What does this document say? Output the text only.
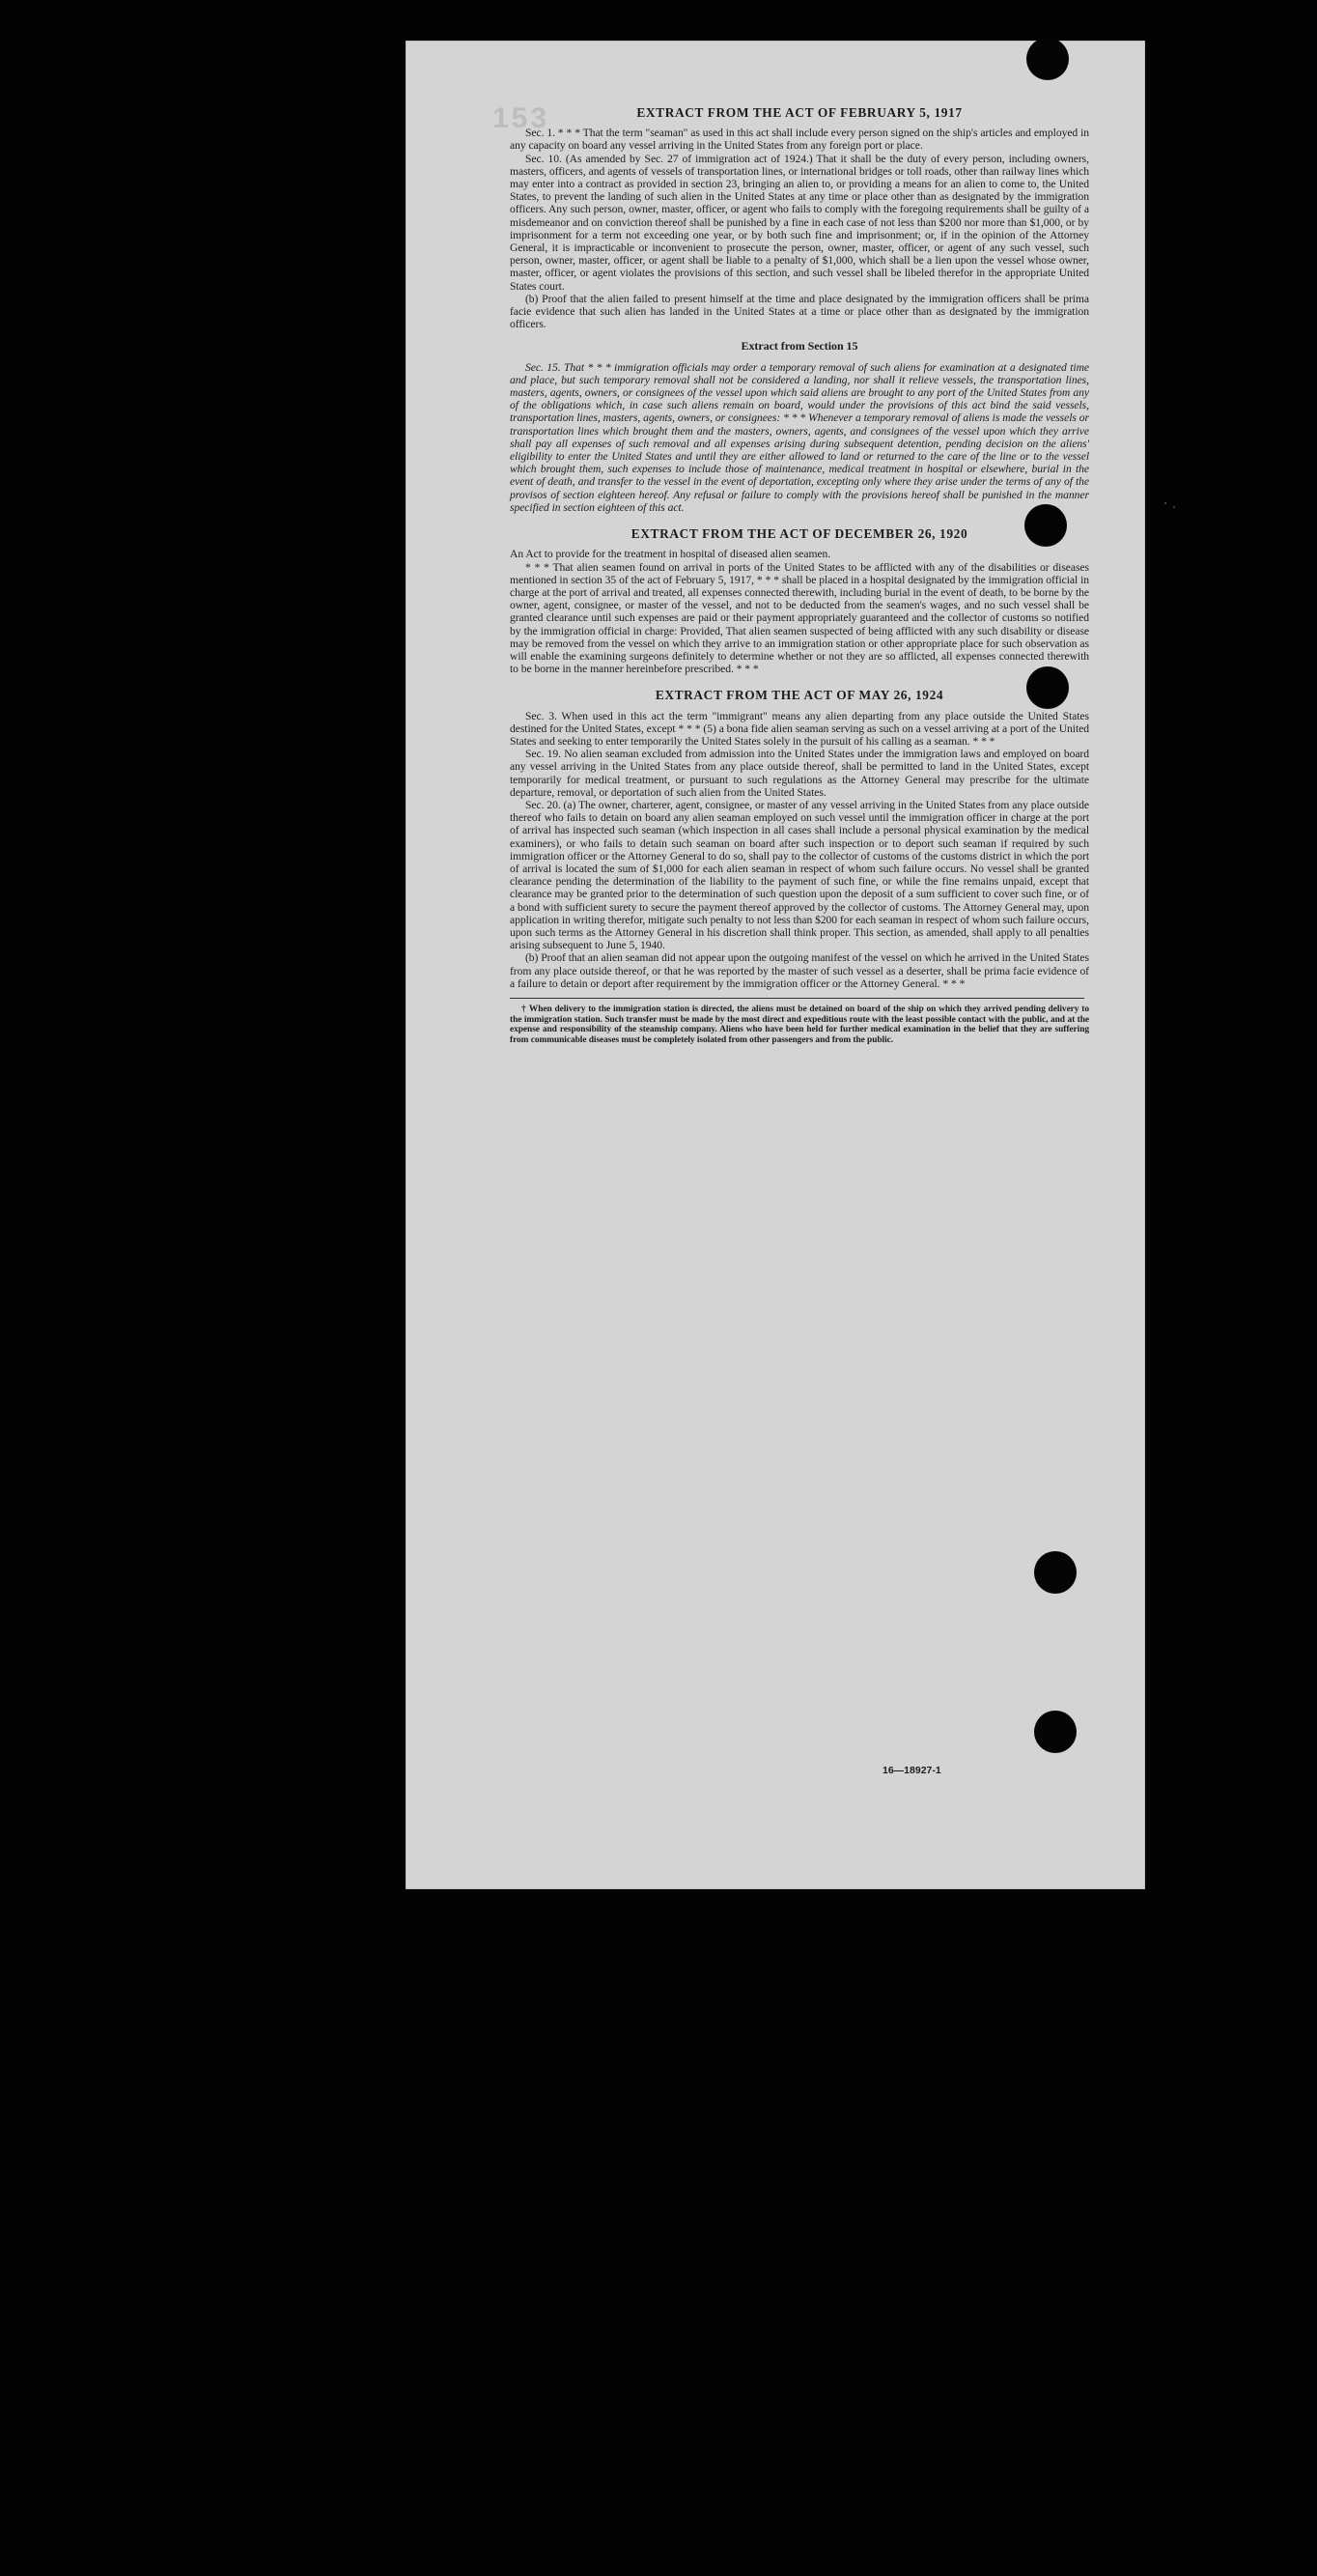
153	EXTRACT FROM THE ACT OF FEBRUARY 5, 1917

Sec. 1. * * * That the term "seaman" as used in this act shall include every person signed on the ship's articles and employed in any capacity on board any vessel arriving in the United States from any foreign port or place.

Sec. 10. (As amended by Sec. 27 of immigration act of 1924.) That it shall be the duty of every person, including owners, masters, officers, and agents of vessels of transportation lines, or international bridges or toll roads, other than railway lines which may enter into a contract as provided in section 23, bringing an alien to, or providing a means for an alien to come to, the United States, to prevent the landing of such alien in the United States at any time or place other than as designated by the immigration officers. Any such person, owner, master, officer, or agent who fails to comply with the foregoing requirements shall be guilty of a misdemeanor and on conviction thereof shall be punished by a fine in each case of not less than $200 nor more than $1,000, or by imprisonment for a term not exceeding one year, or by both such fine and imprisonment; or, if in the opinion of the Attorney General, it is impracticable or inconvenient to prosecute the person, owner, master, officer, or agent of any such vessel, such person, owner, master, officer, or agent shall be liable to a penalty of $1,000, which shall be a lien upon the vessel whose owner, master, officer, or agent violates the provisions of this section, and such vessel shall be libeled therefor in the appropriate United States court.

(b) Proof that the alien failed to present himself at the time and place designated by the immigration officers shall be prima facie evidence that such alien has landed in the United States at a time or place other than as designated by the immigration officers.

Extract from Section 15

Sec. 15. That * * * immigration officials may order a temporary removal of such aliens for examination at a designated time and place, but such temporary removal shall not be considered a landing, nor shall it relieve vessels, the transportation lines, masters, agents, owners, or consignees of the vessel upon which said aliens are brought to any port of the United States from any of the obligations which, in case such aliens remain on board, would under the provisions of this act bind the said vessels, transportation lines, masters, agents, owners, or consignees: * * * Whenever a temporary removal of aliens is made the vessels or transportation lines which brought them and the masters, owners, agents, and consignees of the vessel upon which they arrive shall pay all expenses of such removal and all expenses arising during subsequent detention, pending decision on the aliens' eligibility to enter the United States and until they are either allowed to land or returned to the care of the line or to the vessel which brought them, such expenses to include those of maintenance, medical treatment in hospital or elsewhere, burial in the event of death, and transfer to the vessel in the event of deportation, excepting only where they arise under the terms of any of the provisos of section eighteen hereof. Any refusal or failure to comply with the provisions hereof shall be punished in the manner specified in section eighteen of this act.

EXTRACT FROM THE ACT OF DECEMBER 26, 1920

An Act to provide for the treatment in hospital of diseased alien seamen.

* * * That alien seamen found on arrival in ports of the United States to be afflicted with any of the disabilities or diseases mentioned in section 35 of the act of February 5, 1917, * * * shall be placed in a hospital designated by the immigration official in charge at the port of arrival and treated, all expenses connected therewith, including burial in the event of death, to be borne by the owner, agent, consignee, or master of the vessel, and not to be deducted from the seamen's wages, and no such vessel shall be granted clearance until such expenses are paid or their payment appropriately guaranteed and the collector of customs so notified by the immigration official in charge: Provided, That alien seamen suspected of being afflicted with any such disability or disease may be removed from the vessel on which they arrive to an immigration station or other appropriate place for such observation as will enable the examining surgeons definitely to determine whether or not they are so afflicted, all expenses connected therewith to be borne in the manner hereinbefore prescribed. * * *

EXTRACT FROM THE ACT OF MAY 26, 1924

Sec. 3. When used in this act the term "immigrant" means any alien departing from any place outside the United States destined for the United States, except * * * (5) a bona fide alien seaman serving as such on a vessel arriving at a port of the United States and seeking to enter temporarily the United States solely in the pursuit of his calling as a seaman. * * *

Sec. 19. No alien seaman excluded from admission into the United States under the immigration laws and employed on board any vessel arriving in the United States from any place outside thereof, shall be permitted to land in the United States, except temporarily for medical treatment, or pursuant to such regulations as the Attorney General may prescribe for the ultimate departure, removal, or deportation of such alien from the United States.

Sec. 20. (a) The owner, charterer, agent, consignee, or master of any vessel arriving in the United States from any place outside thereof who fails to detain on board any alien seaman employed on such vessel until the immigration officer in charge at the port of arrival has inspected such seaman (which inspection in all cases shall include a personal physical examination by the medical examiners), or who fails to detain such seaman on board after such inspection or to deport such seaman if required by such immigration officer or the Attorney General to do so, shall pay to the collector of customs of the customs district in which the port of arrival is located the sum of $1,000 for each alien seaman in respect of whom such failure occurs. No vessel shall be granted clearance pending the determination of the liability to the payment of such fine, or while the fine remains unpaid, except that clearance may be granted prior to the determination of such question upon the deposit of a sum sufficient to cover such fine, or of a bond with sufficient surety to secure the payment thereof approved by the collector of customs. The Attorney General may, upon application in writing therefor, mitigate such penalty to not less than $200 for each seaman in respect of whom such failure occurs, upon such terms as the Attorney General in his discretion shall think proper. This section, as amended, shall apply to all penalties arising subsequent to June 5, 1940.

(b) Proof that an alien seaman did not appear upon the outgoing manifest of the vessel on which he arrived in the United States from any place outside thereof, or that he was reported by the master of such vessel as a deserter, shall be prima facie evidence of a failure to detain or deport after requirement by the immigration officer or the Attorney General. * * *

† When delivery to the immigration station is directed, the aliens must be detained on board of the ship on which they arrived pending delivery to the immigration station. Such transfer must be made by the most direct and expeditious route with the least possible contact with the public, and at the expense and responsibility of the steamship company. Aliens who have been held for further medical examination in the belief that they are suffering from communicable diseases must be completely isolated from other passengers and from the public.

16—18927-1
